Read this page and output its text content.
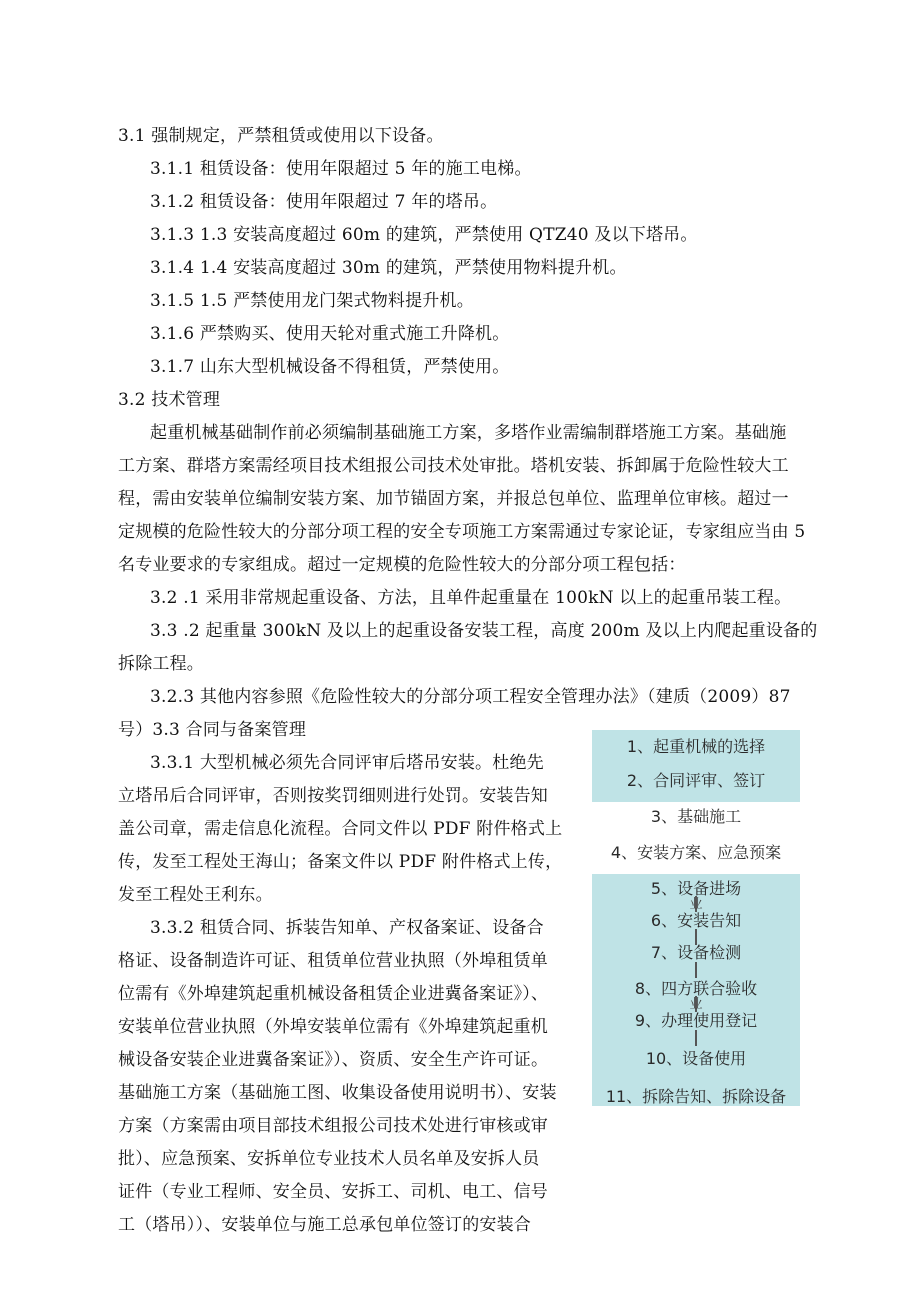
3.1 强制规定，严禁租赁或使用以下设备。
3.1.1 租赁设备：使用年限超过 5 年的施工电梯。
3.1.2 租赁设备：使用年限超过 7 年的塔吊。
3.1.3 1.3 安装高度超过 60m 的建筑，严禁使用 QTZ40 及以下塔吊。
3.1.4 1.4 安装高度超过 30m 的建筑，严禁使用物料提升机。
3.1.5 1.5 严禁使用龙门架式物料提升机。
3.1.6 严禁购买、使用天轮对重式施工升降机。
3.1.7 山东大型机械设备不得租赁，严禁使用。
3.2 技术管理
起重机械基础制作前必须编制基础施工方案，多塔作业需编制群塔施工方案。基础施
工方案、群塔方案需经项目技术组报公司技术处审批。塔机安装、拆卸属于危险性较大工
程，需由安装单位编制安装方案、加节锚固方案，并报总包单位、监理单位审核。超过一
定规模的危险性较大的分部分项工程的安全专项施工方案需通过专家论证，专家组应当由 5
名专业要求的专家组成。超过一定规模的危险性较大的分部分项工程包括：
3.2 .1 采用非常规起重设备、方法，且单件起重量在 100kN 以上的起重吊装工程。
3.3 .2 起重量 300kN 及以上的起重设备安装工程，高度 200m 及以上内爬起重设备的
拆除工程。
3.2.3 其他内容参照《危险性较大的分部分项工程安全管理办法》（建质（2009）87
号）3.3 合同与备案管理
3.3.1 大型机械必须先合同评审后塔吊安装。杜绝先
立塔吊后合同评审，否则按奖罚细则进行处罚。安装告知
盖公司章，需走信息化流程。合同文件以 PDF 附件格式上
传，发至工程处王海山；备案文件以 PDF 附件格式上传，
发至工程处王利东。
3.3.2 租赁合同、拆装告知单、产权备案证、设备合
格证、设备制造许可证、租赁单位营业执照（外埠租赁单
位需有《外埠建筑起重机械设备租赁企业进冀备案证》）、
安装单位营业执照（外埠安装单位需有《外埠建筑起重机
械设备安装企业进冀备案证》）、资质、安全生产许可证。
基础施工方案（基础施工图、收集设备使用说明书）、安装
方案（方案需由项目部技术组报公司技术处进行审核或审
批）、应急预案、安拆单位专业技术人员名单及安拆人员
证件（专业工程师、安全员、安拆工、司机、电工、信号
工（塔吊））、安装单位与施工总承包单位签订的安装合
1、起重机械的选择
2、合同评审、签订
3、基础施工
4、安装方案、应急预案
5、设备进场
业
6、安装告知
7、设备检测
8、四方联合验收
业
9、办理使用登记
10、设备使用
11、拆除告知、拆除设备
